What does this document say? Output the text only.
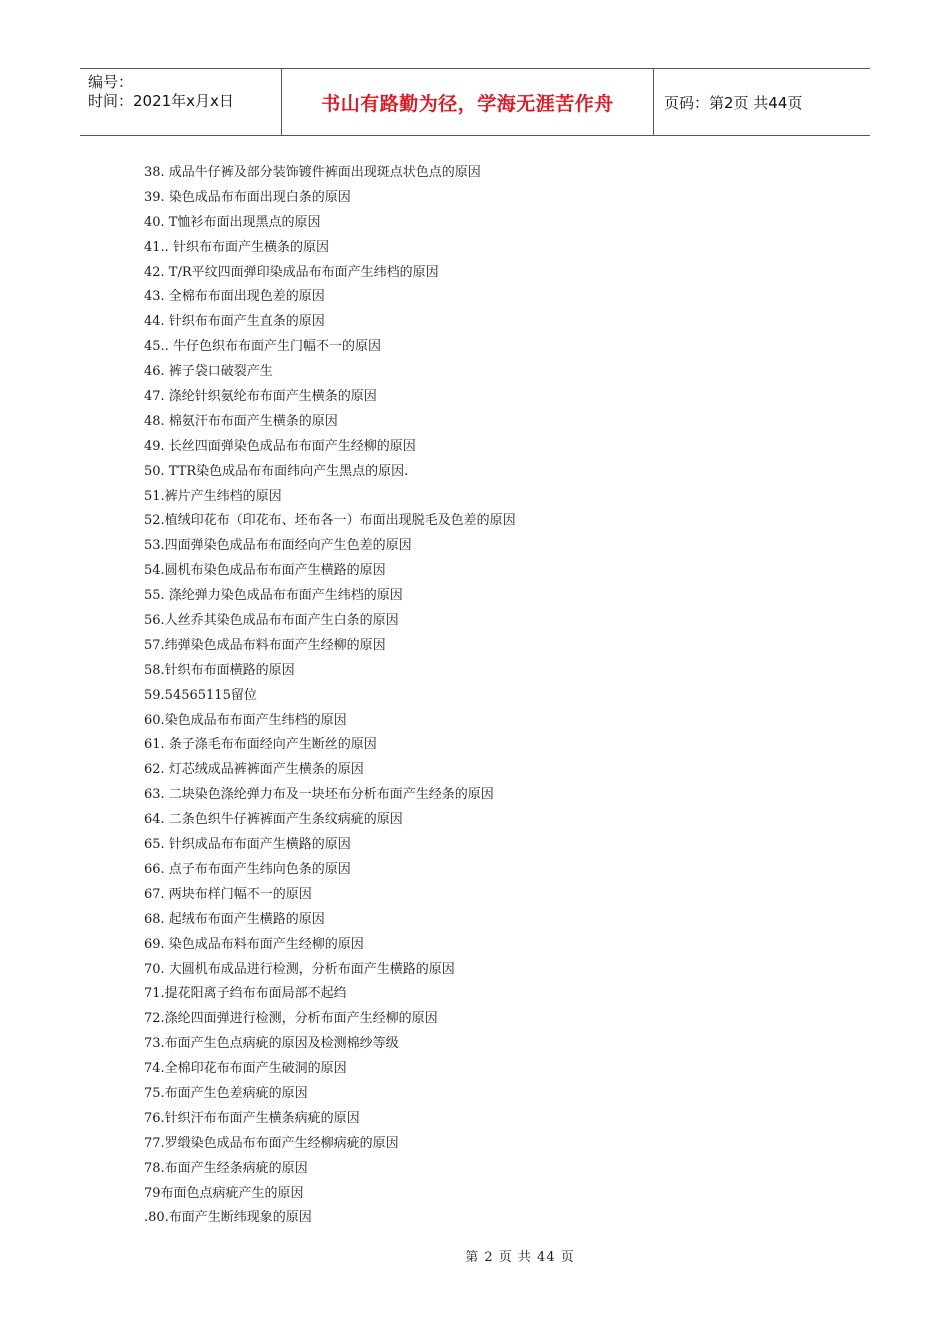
编号：
时间：2021年x月x日	书山有路勤为径，学海无涯苦作舟	页码：第2页 共44页
38. 成品牛仔裤及部分装饰镀件裤面出现斑点状色点的原因
39. 染色成品布布面出现白条的原因
40. T恤衫布面出现黑点的原因
41.. 针织布布面产生横条的原因
42. T/R平纹四面弹印染成品布布面产生纬档的原因
43. 全棉布布面出现色差的原因
44. 针织布布面产生直条的原因
45.. 牛仔色织布布面产生门幅不一的原因
46. 裤子袋口破裂产生
47. 涤纶针织氨纶布布面产生横条的原因
48. 棉氨汗布布面产生横条的原因
49. 长丝四面弹染色成品布布面产生经柳的原因
50. TTR染色成品布布面纬向产生黑点的原因.
51.裤片产生纬档的原因
52.植绒印花布（印花布、坯布各一）布面出现脱毛及色差的原因
53.四面弹染色成品布布面经向产生色差的原因
54.圆机布染色成品布布面产生横路的原因
55. 涤纶弹力染色成品布布面产生纬档的原因
56.人丝乔其染色成品布布面产生白条的原因
57.纬弹染色成品布料布面产生经柳的原因
58.针织布布面横路的原因
59.54565115留位
60.染色成品布布面产生纬档的原因
61. 条子涤毛布布面经向产生断丝的原因
62. 灯芯绒成品裤裤面产生横条的原因
63. 二块染色涤纶弹力布及一块坯布分析布面产生经条的原因
64. 二条色织牛仔裤裤面产生条纹病疵的原因
65. 针织成品布布面产生横路的原因
66. 点子布布面产生纬向色条的原因
67. 两块布样门幅不一的原因
68. 起绒布布面产生横路的原因
69. 染色成品布料布面产生经柳的原因
70. 大圆机布成品进行检测，分析布面产生横路的原因
71.提花阳离子绉布布面局部不起绉
72.涤纶四面弹进行检测，分析布面产生经柳的原因
73.布面产生色点病疵的原因及检测棉纱等级
74.全棉印花布布面产生破洞的原因
75.布面产生色差病疵的原因
76.针织汗布布面产生横条病疵的原因
77.罗缎染色成品布布面产生经柳病疵的原因
78.布面产生经条病疵的原因
79布面色点病疵产生的原因
.80.布面产生断纬现象的原因
第 2 页 共 44 页
